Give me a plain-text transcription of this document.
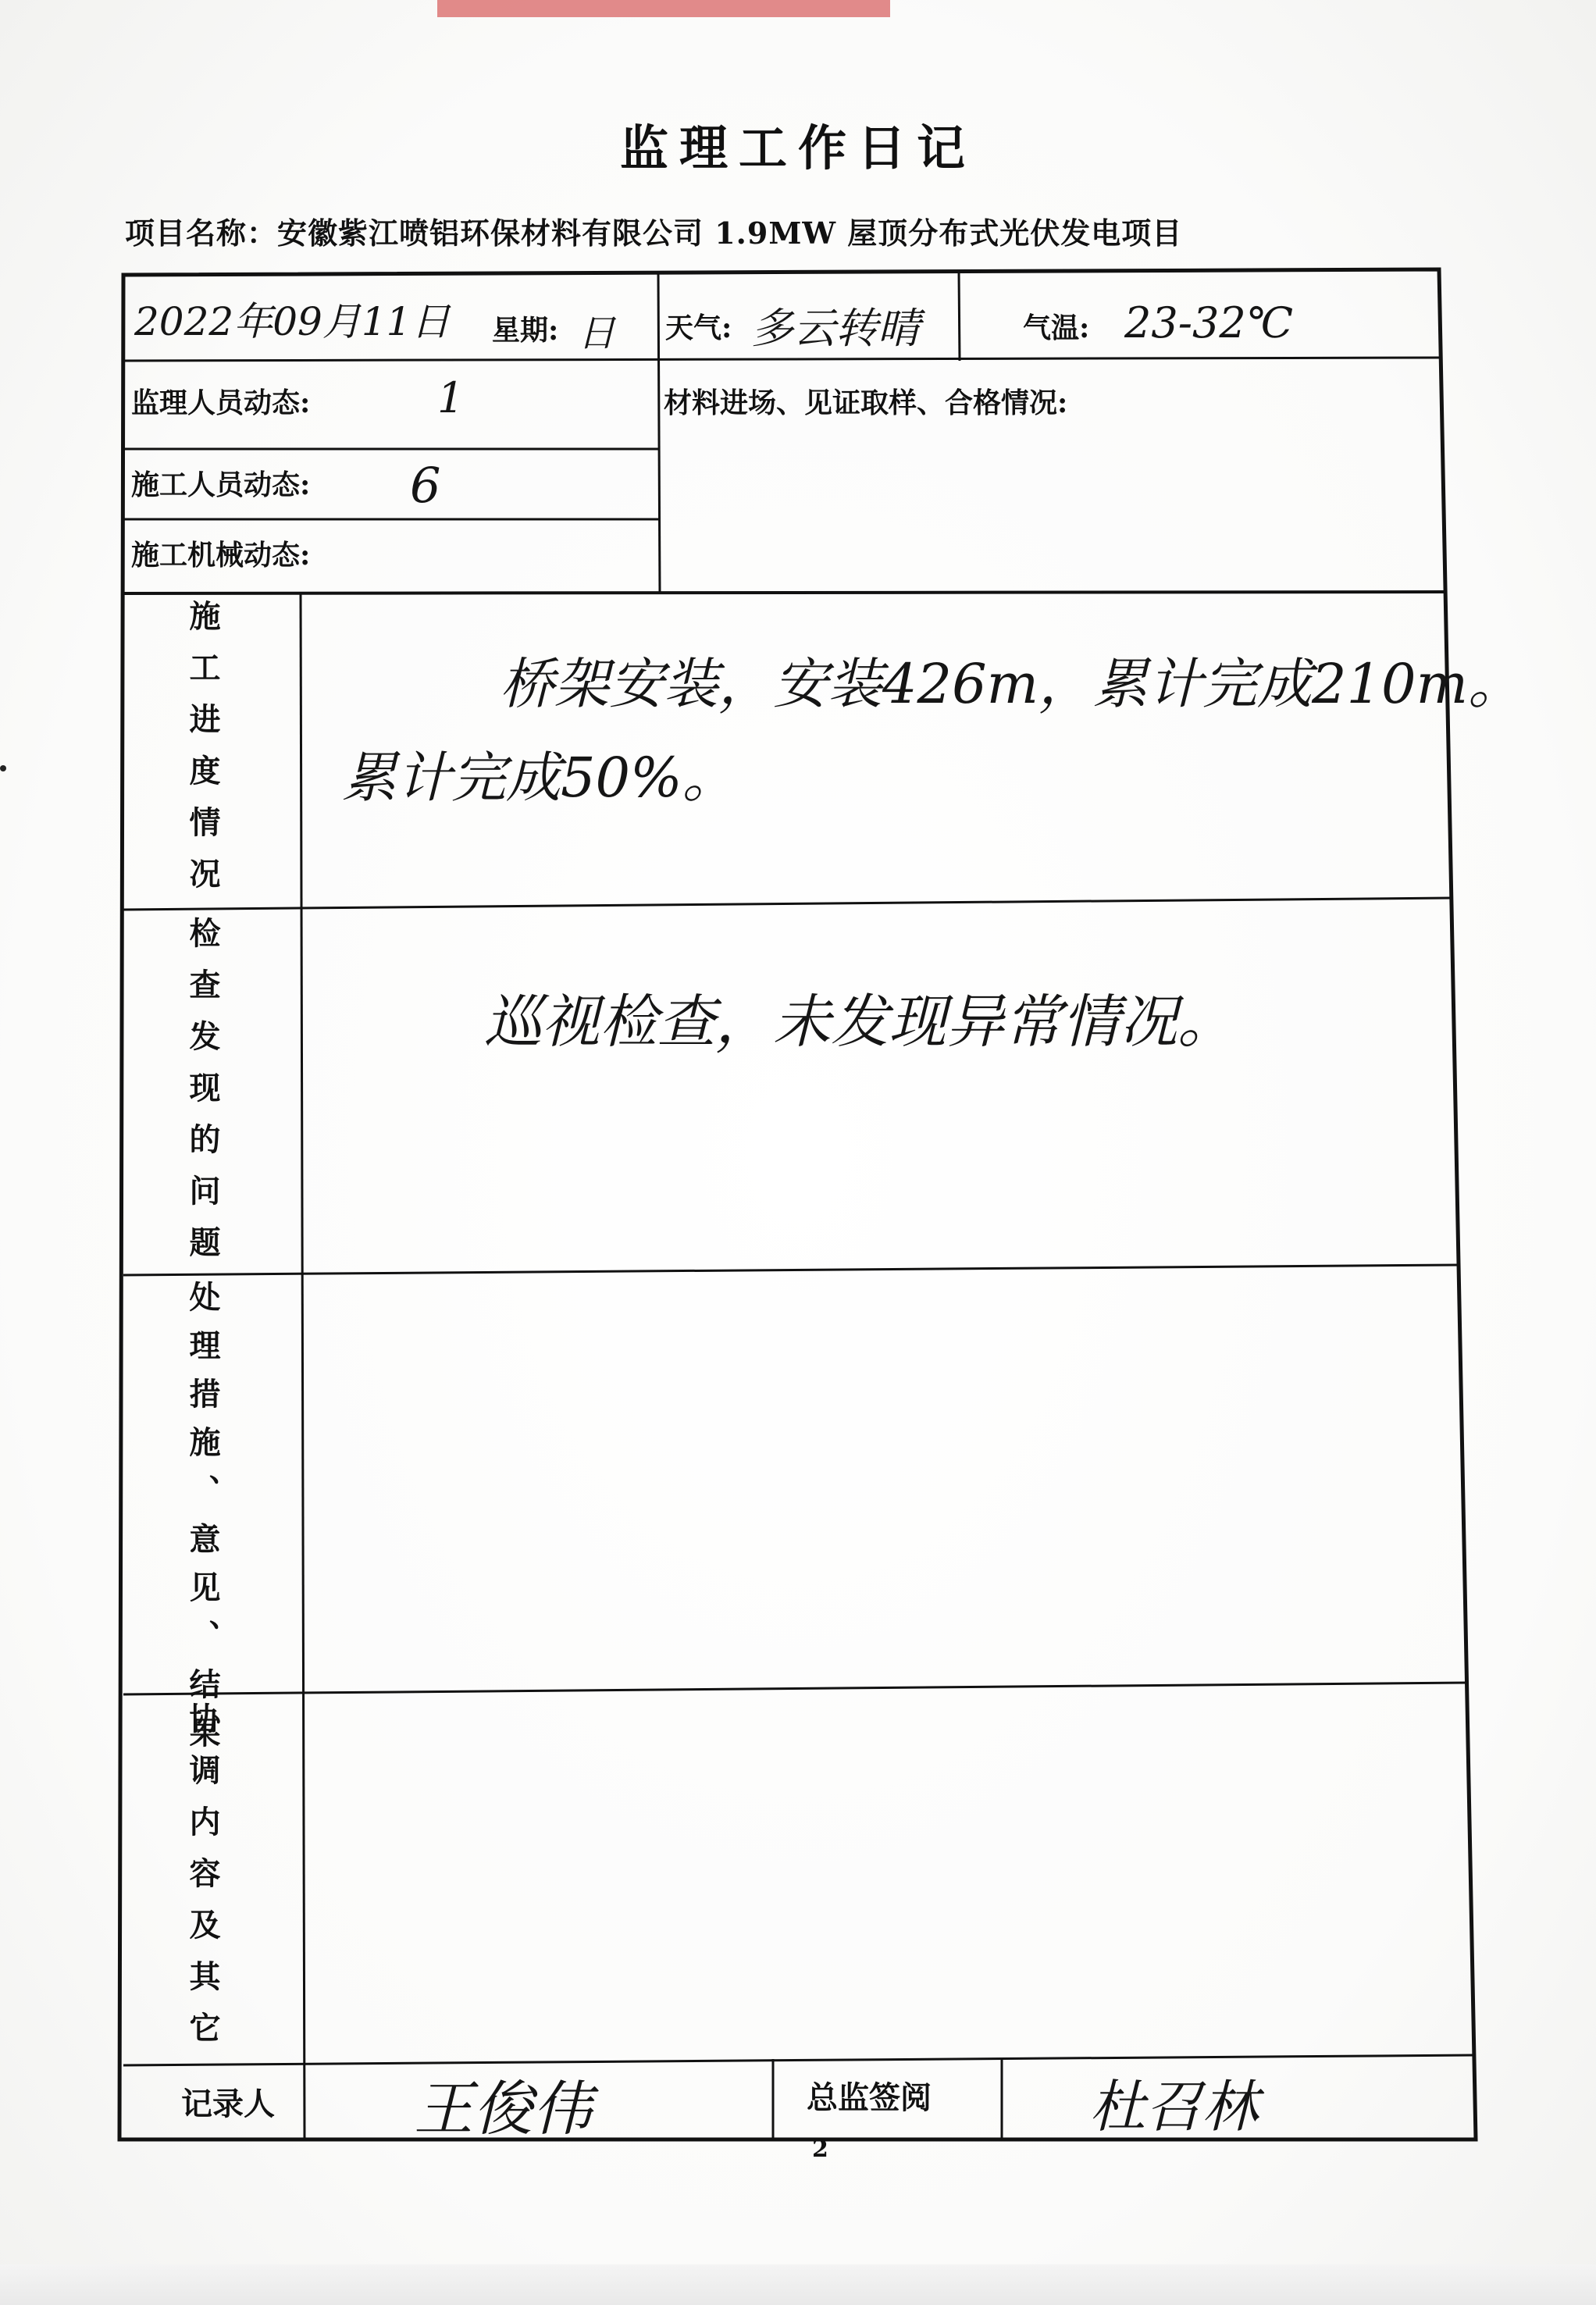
监理工作日记
项目名称：安徽紫江喷铝环保材料有限公司 1.9MW 屋顶分布式光伏发电项目
2022年09月11日 星期: 日 天气: 多云转晴	气温: 23-32℃
监理人员动态:	1
施工人员动态: 6
施工机械动态:
材料进场、见证取样、合格情况:
施工进度情况	桥架安装，安装426m，累计完成210m。
累计完成50%。
检查发现的问题	巡视检查，未发现异常情况。
处理措施、意见、结果
协调内容及其它
记录人 王俊伟	总监签阅	杜召林
2
